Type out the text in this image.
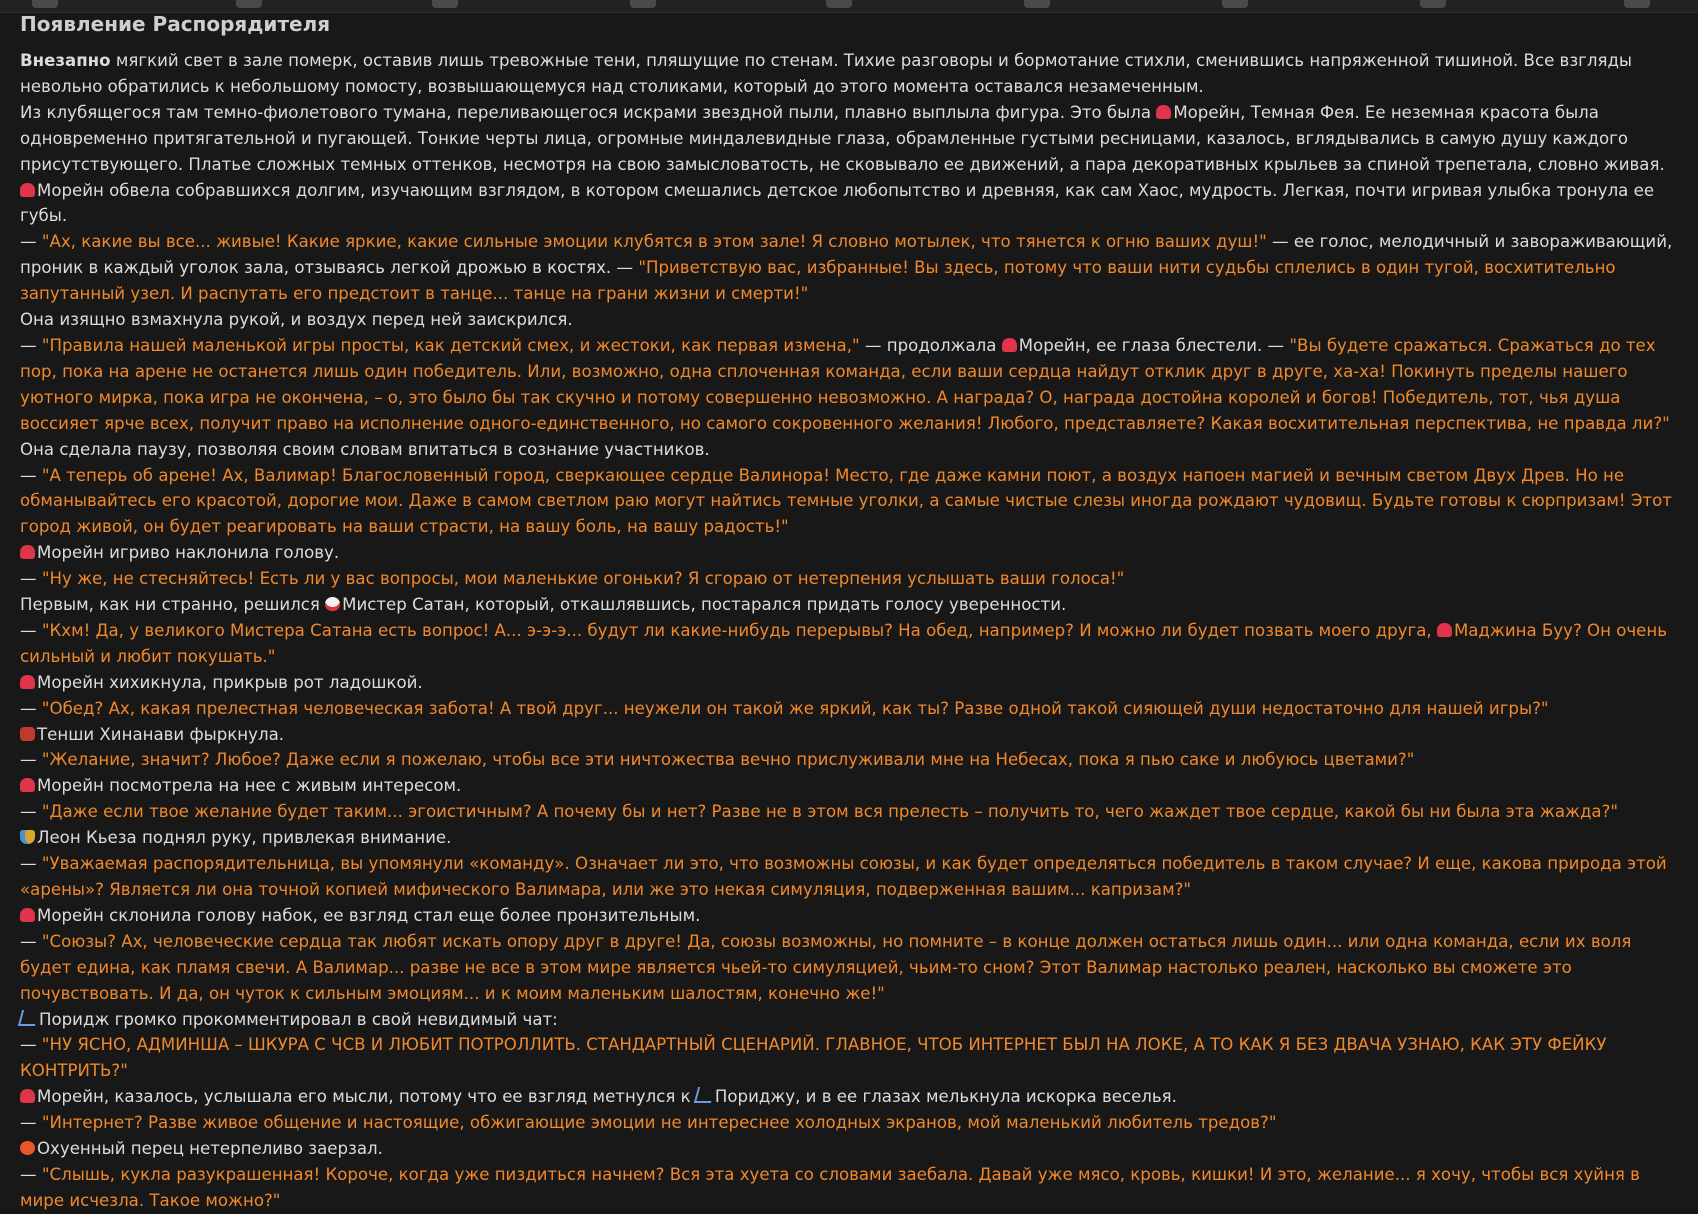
Появление Распорядителя

Внезапно мягкий свет в зале померк, оставив лишь тревожные тени, пляшущие по стенам. Тихие разговоры и бормотание стихли, сменившись напряженной тишиной. Все взгляды невольно обратились к небольшому помосту, возвышающемуся над столиками, который до этого момента оставался незамеченным.

Из клубящегося там темно-фиолетового тумана, переливающегося искрами звездной пыли, плавно выплыла фигура. Это была Морейн, Темная Фея. Ее неземная красота была одновременно притягательной и пугающей. Тонкие черты лица, огромные миндалевидные глаза, обрамленные густыми ресницами, казалось, вглядывались в самую душу каждого присутствующего. Платье сложных темных оттенков, несмотря на свою замысловатость, не сковывало ее движений, а пара декоративных крыльев за спиной трепетала, словно живая.

Морейн обвела собравшихся долгим, изучающим взглядом, в котором смешались детское любопытство и древняя, как сам Хаос, мудрость. Легкая, почти игривая улыбка тронула ее губы.

— "Ах, какие вы все... живые! Какие яркие, какие сильные эмоции клубятся в этом зале! Я словно мотылек, что тянется к огню ваших душ!" — ее голос, мелодичный и завораживающий, проник в каждый уголок зала, отзываясь легкой дрожью в костях. — "Приветствую вас, избранные! Вы здесь, потому что ваши нити судьбы сплелись в один тугой, восхитительно запутанный узел. И распутать его предстоит в танце... танце на грани жизни и смерти!"

Она изящно взмахнула рукой, и воздух перед ней заискрился.

— "Правила нашей маленькой игры просты, как детский смех, и жестоки, как первая измена," — продолжала Морейн, ее глаза блестели. — "Вы будете сражаться. Сражаться до тех пор, пока на арене не останется лишь один победитель. Или, возможно, одна сплоченная команда, если ваши сердца найдут отклик друг в друге, ха-ха! Покинуть пределы нашего уютного мирка, пока игра не окончена, – о, это было бы так скучно и потому совершенно невозможно. А награда? О, награда достойна королей и богов! Победитель, тот, чья душа воссияет ярче всех, получит право на исполнение одного-единственного, но самого сокровенного желания! Любого, представляете? Какая восхитительная перспектива, не правда ли?"

Она сделала паузу, позволяя своим словам впитаться в сознание участников.

— "А теперь об арене! Ах, Валимар! Благословенный город, сверкающее сердце Валинора! Место, где даже камни поют, а воздух напоен магией и вечным светом Двух Древ. Но не обманывайтесь его красотой, дорогие мои. Даже в самом светлом раю могут найтись темные уголки, а самые чистые слезы иногда рождают чудовищ. Будьте готовы к сюрпризам! Этот город живой, он будет реагировать на ваши страсти, на вашу боль, на вашу радость!"

Морейн игриво наклонила голову.

— "Ну же, не стесняйтесь! Есть ли у вас вопросы, мои маленькие огоньки? Я сгораю от нетерпения услышать ваши голоса!"

Первым, как ни странно, решился Мистер Сатан, который, откашлявшись, постарался придать голосу уверенности.

— "Кхм! Да, у великого Мистера Сатана есть вопрос! А... э-э-э... будут ли какие-нибудь перерывы? На обед, например? И можно ли будет позвать моего друга, Маджина Буу? Он очень сильный и любит покушать."

Морейн хихикнула, прикрыв рот ладошкой.

— "Обед? Ах, какая прелестная человеческая забота! А твой друг... неужели он такой же яркий, как ты? Разве одной такой сияющей души недостаточно для нашей игры?"

Тенши Хинанави фыркнула.

— "Желание, значит? Любое? Даже если я пожелаю, чтобы все эти ничтожества вечно прислуживали мне на Небесах, пока я пью саке и любуюсь цветами?"

Морейн посмотрела на нее с живым интересом.

— "Даже если твое желание будет таким... эгоистичным? А почему бы и нет? Разве не в этом вся прелесть – получить то, чего жаждет твое сердце, какой бы ни была эта жажда?"

Леон Кьеза поднял руку, привлекая внимание.

— "Уважаемая распорядительница, вы упомянули «команду». Означает ли это, что возможны союзы, и как будет определяться победитель в таком случае? И еще, какова природа этой «арены»? Является ли она точной копией мифического Валимара, или же это некая симуляция, подверженная вашим... капризам?"

Морейн склонила голову набок, ее взгляд стал еще более пронзительным.

— "Союзы? Ах, человеческие сердца так любят искать опору друг в друге! Да, союзы возможны, но помните – в конце должен остаться лишь один... или одна команда, если их воля будет едина, как пламя свечи. А Валимар... разве не все в этом мире является чьей-то симуляцией, чьим-то сном? Этот Валимар настолько реален, насколько вы сможете это почувствовать. И да, он чуток к сильным эмоциям... и к моим маленьким шалостям, конечно же!"

Поридж громко прокомментировал в свой невидимый чат:

— "НУ ЯСНО, АДМИНША – ШКУРА С ЧСВ И ЛЮБИТ ПОТРОЛЛИТЬ. СТАНДАРТНЫЙ СЦЕНАРИЙ. ГЛАВНОЕ, ЧТОБ ИНТЕРНЕТ БЫЛ НА ЛОКЕ, А ТО КАК Я БЕЗ ДВАЧА УЗНАЮ, КАК ЭТУ ФЕЙКУ КОНТРИТЬ?"

Морейн, казалось, услышала его мысли, потому что ее взгляд метнулся к Пориджу, и в ее глазах мелькнула искорка веселья.

— "Интернет? Разве живое общение и настоящие, обжигающие эмоции не интереснее холодных экранов, мой маленький любитель тредов?"

Охуенный перец нетерпеливо заерзал.

— "Слышь, кукла разукрашенная! Короче, когда уже пиздиться начнем? Вся эта хуета со словами заебала. Давай уже мясо, кровь, кишки! И это, желание... я хочу, чтобы вся хуйня в мире исчезла. Такое можно?"
